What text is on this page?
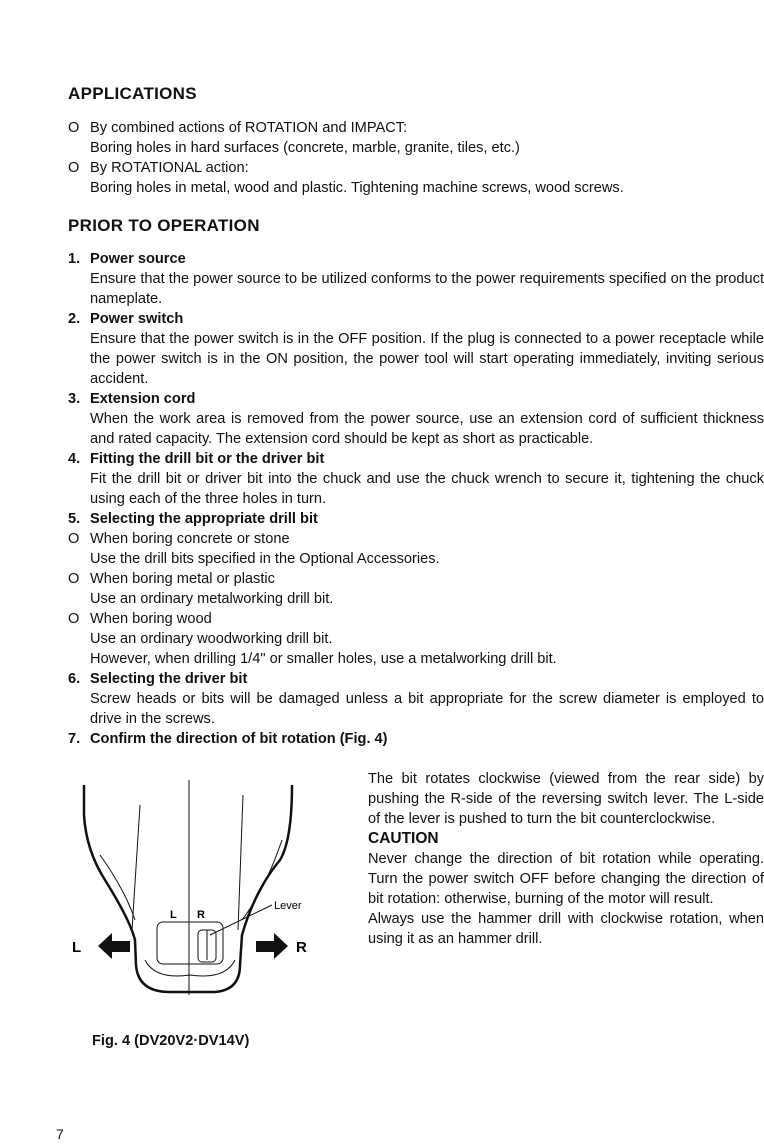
APPLICATIONS
O By combined actions of ROTATION and IMPACT:
Boring holes in hard surfaces (concrete, marble, granite, tiles, etc.)
O By ROTATIONAL action:
Boring holes in metal, wood and plastic. Tightening machine screws, wood screws.
PRIOR TO OPERATION
1. Power source
Ensure that the power source to be utilized conforms to the power requirements specified on the product nameplate.
2. Power switch
Ensure that the power switch is in the OFF position. If the plug is connected to a power receptacle while the power switch is in the ON position, the power tool will start operating immediately, inviting serious accident.
3. Extension cord
When the work area is removed from the power source, use an extension cord of sufficient thickness and rated capacity. The extension cord should be kept as short as practicable.
4. Fitting the drill bit or the driver bit
Fit the drill bit or driver bit into the chuck and use the chuck wrench to secure it, tightening the chuck using each of the three holes in turn.
5. Selecting the appropriate drill bit
O When boring concrete or stone
Use the drill bits specified in the Optional Accessories.
O When boring metal or plastic
Use an ordinary metalworking drill bit.
O When boring wood
Use an ordinary woodworking drill bit.
However, when drilling 1/4" or smaller holes, use a metalworking drill bit.
6. Selecting the driver bit
Screw heads or bits will be damaged unless a bit appropriate for the screw diameter is employed to drive in the screws.
7. Confirm the direction of bit rotation (Fig. 4)
The bit rotates clockwise (viewed from the rear side) by pushing the R-side of the reversing switch lever. The L-side of the lever is pushed to turn the bit counterclockwise.
CAUTION
Never change the direction of bit rotation while operating. Turn the power switch OFF before changing the direction of bit rotation: otherwise, burning of the motor will result.
Always use the hammer drill with clockwise rotation, when using it as an hammer drill.
L R
Lever
L	R
Fig. 4 (DV20V2·DV14V)
7
